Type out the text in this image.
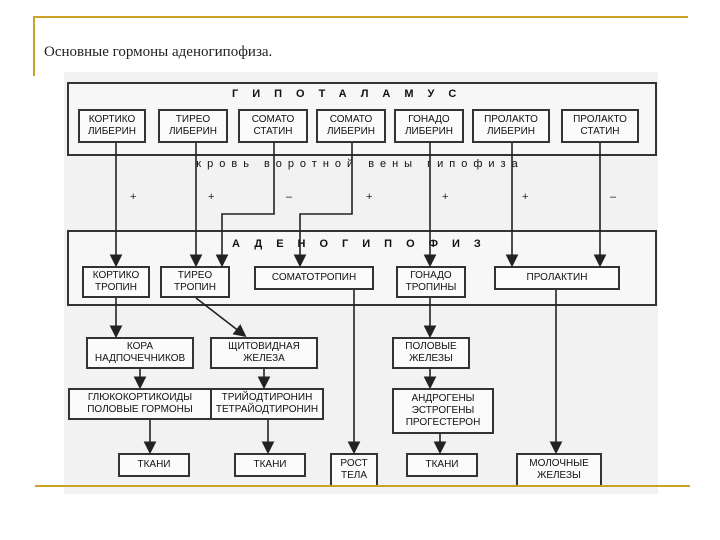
Основные гормоны аденогипофиза.
ГИПОТАЛАМУС
КОРТИКО
ЛИБЕРИН
ТИРЕО
ЛИБЕРИН
СОМАТО
СТАТИН
СОМАТО
ЛИБЕРИН
ГОНАДО
ЛИБЕРИН
ПРОЛАКТО
ЛИБЕРИН
ПРОЛАКТО
СТАТИН
кровь воротной вены гипофиза
+	+	–	+	+	+	–
АДЕНОГИПОФИЗ
КОРТИКО
ТРОПИН
ТИРЕО
ТРОПИН
СОМАТОТРОПИН	ГОНАДО
ТРОПИНЫ
ПРОЛАКТИН
КОРА
НАДПОЧЕЧНИКОВ
ЩИТОВИДНАЯ
ЖЕЛЕЗА
ПОЛОВЫЕ
ЖЕЛЕЗЫ
ГЛЮКОКОРТИКОИДЫ
ПОЛОВЫЕ ГОРМОНЫ
ТРИЙОДТИРОНИН
ТЕТРАЙОДТИРОНИН
АНДРОГЕНЫ
ЭСТРОГЕНЫ
ПРОГЕСТЕРОН
ТКАНИ	ТКАНИ	РОСТ
ТЕЛА
ТКАНИ	МОЛОЧНЫЕ
ЖЕЛЕЗЫ
